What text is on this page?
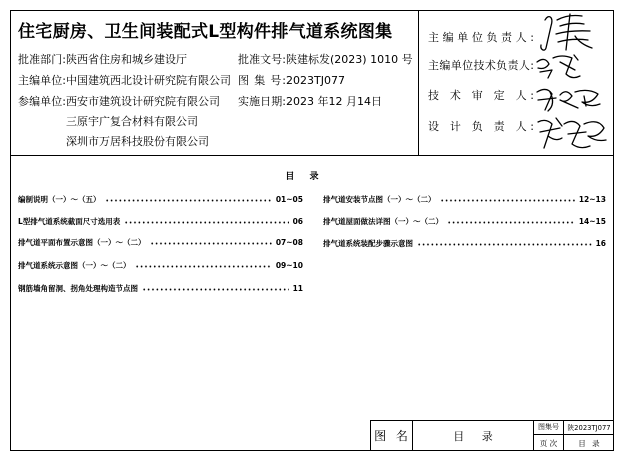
住宅厨房、卫生间装配式L型构件排气道系统图集
批准部门:陕西省住房和城乡建设厅
主编单位:中国建筑西北设计研究院有限公司
参编单位:西安市建筑设计研究院有限公司
三原宇广复合材料有限公司
深圳市万居科技股份有限公司
批准文号:陕建标发(2023) 1010 号
图 集 号:2023TJ077
实施日期:2023 年12 月14日
主编单位负责人:
主编单位技术负责人:
技 术 审 定 人:
设 计 负 责 人:
目 录
编制说明（一）～（五）	01~05
L型排气道系统截面尺寸选用表	06
排气道平面布置示意图（一）～（二）	07~08
排气道系统示意图（一）～（二）	09~10
钢筋墙角留洞、拐角处理构造节点图	11
排气道安装节点图（一）～（二）	12~13
排气道屋面做法详图（一）～（二）	14~15
排气道系统装配步骤示意图	16
图 名	目 录
图集号	陕2023TJ077
页 次	目 录
